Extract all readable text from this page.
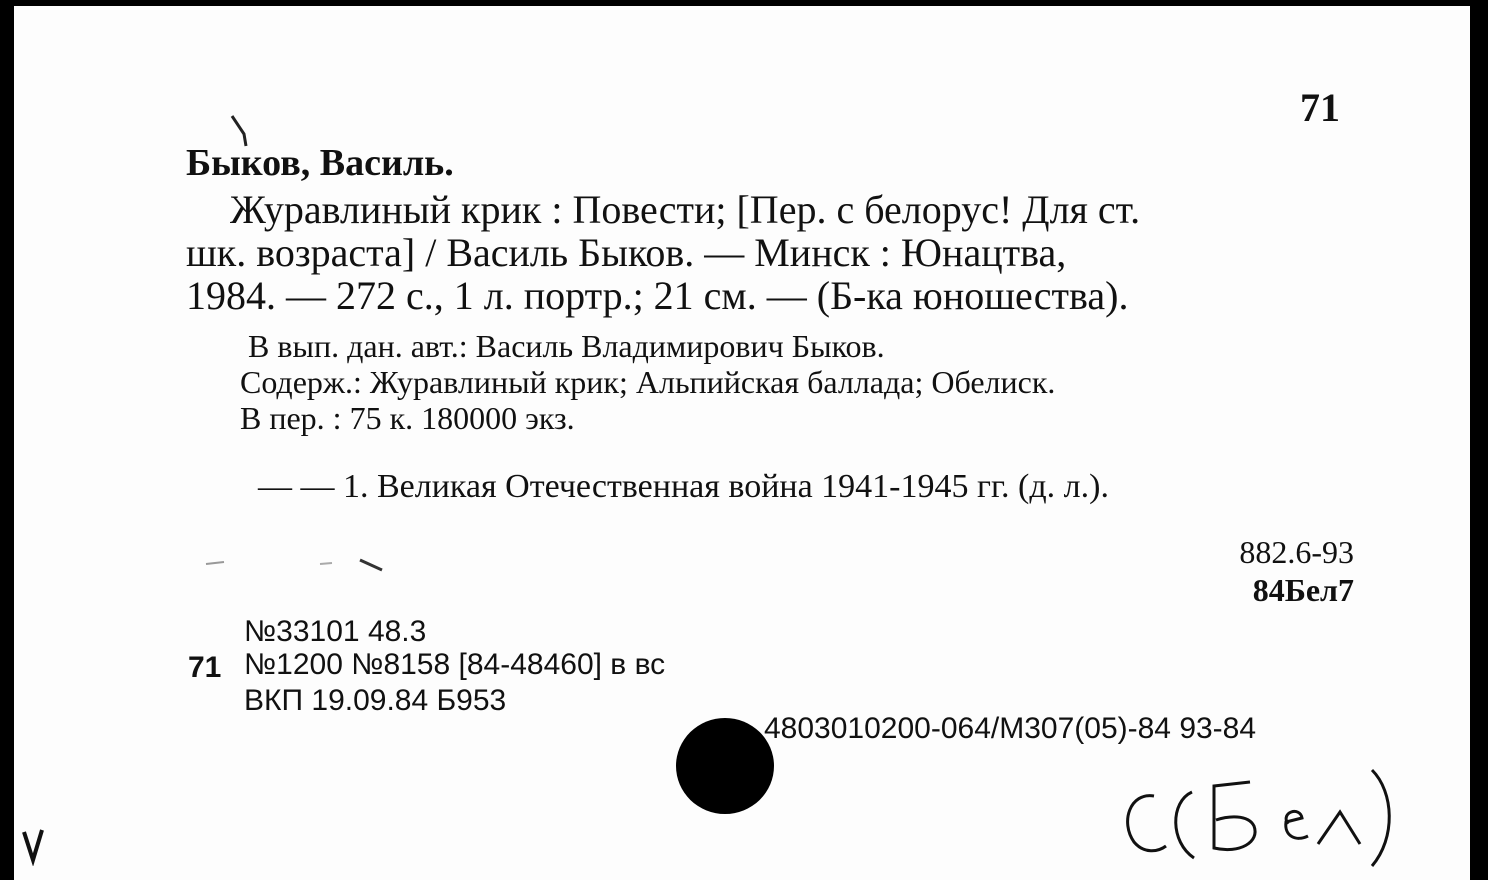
71
Быков, Василь.
Журавлиный крик : Повести; [Пер. с белорус! Для ст.
шк. возраста] / Василь Быков. — Минск : Юнацтва,
1984. — 272 с., 1 л. портр.; 21 см. — (Б-ка юношества).
В вып. дан. авт.: Василь Владимирович Быков.
Содерж.: Журавлиный крик; Альпийская баллада; Обелиск.
В пер. : 75 к. 180000 экз.
— — 1. Великая Отечественная война 1941-1945 гг. (д. л.).
882.6-93
84Бел7
№33101 48.3
71 №1200 №8158 [84-48460] в вс
ВКП 19.09.84 Б953
4803010200-064/М307(05)-84 93-84
